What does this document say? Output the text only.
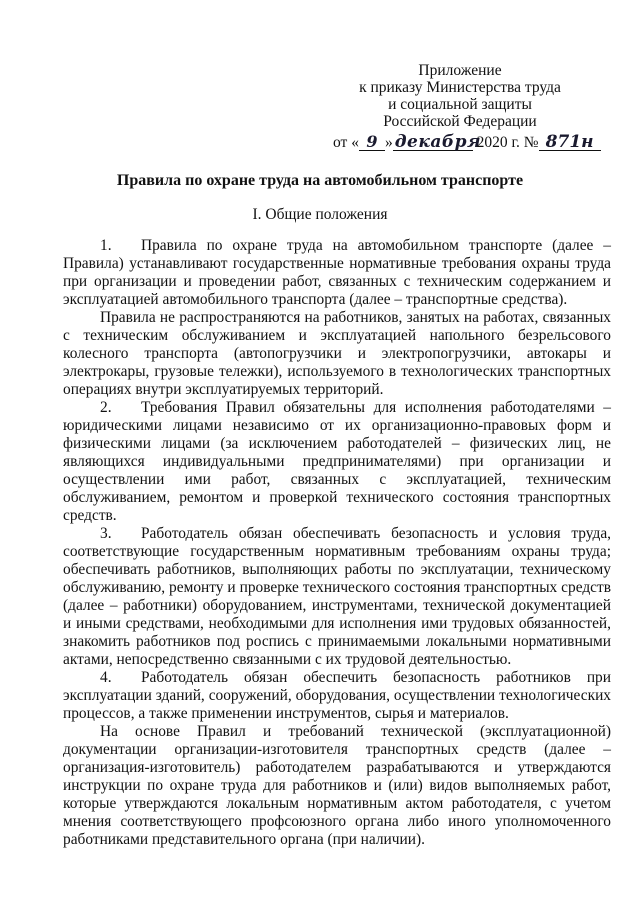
Приложение
к приказу Министерства труда
и социальной защиты
Российской Федерации
от « 9 » декабря 2020 г. № 871н
Правила по охране труда на автомобильном транспорте
I. Общие положения

1. Правила по охране труда на автомобильном транспорте (далее – Правила) устанавливают государственные нормативные требования охраны труда при организации и проведении работ, связанных с техническим содержанием и эксплуатацией автомобильного транспорта (далее – транспортные средства).

Правила не распространяются на работников, занятых на работах, связанных с техническим обслуживанием и эксплуатацией напольного безрельсового колесного транспорта (автопогрузчики и электропогрузчики, автокары и электрокары, грузовые тележки), используемого в технологических транспортных операциях внутри эксплуатируемых территорий.

2. Требования Правил обязательны для исполнения работодателями – юридическими лицами независимо от их организационно-правовых форм и физическими лицами (за исключением работодателей – физических лиц, не являющихся индивидуальными предпринимателями) при организации и осуществлении ими работ, связанных с эксплуатацией, техническим обслуживанием, ремонтом и проверкой технического состояния транспортных средств.

3. Работодатель обязан обеспечивать безопасность и условия труда, соответствующие государственным нормативным требованиям охраны труда; обеспечивать работников, выполняющих работы по эксплуатации, техническому обслуживанию, ремонту и проверке технического состояния транспортных средств (далее – работники) оборудованием, инструментами, технической документацией и иными средствами, необходимыми для исполнения ими трудовых обязанностей, знакомить работников под роспись с принимаемыми локальными нормативными актами, непосредственно связанными с их трудовой деятельностью.

4. Работодатель обязан обеспечить безопасность работников при эксплуатации зданий, сооружений, оборудования, осуществлении технологических процессов, а также применении инструментов, сырья и материалов.

На основе Правил и требований технической (эксплуатационной) документации организации-изготовителя транспортных средств (далее – организация-изготовитель) работодателем разрабатываются и утверждаются инструкции по охране труда для работников и (или) видов выполняемых работ, которые утверждаются локальным нормативным актом работодателя, с учетом мнения соответствующего профсоюзного органа либо иного уполномоченного работниками представительного органа (при наличии).
